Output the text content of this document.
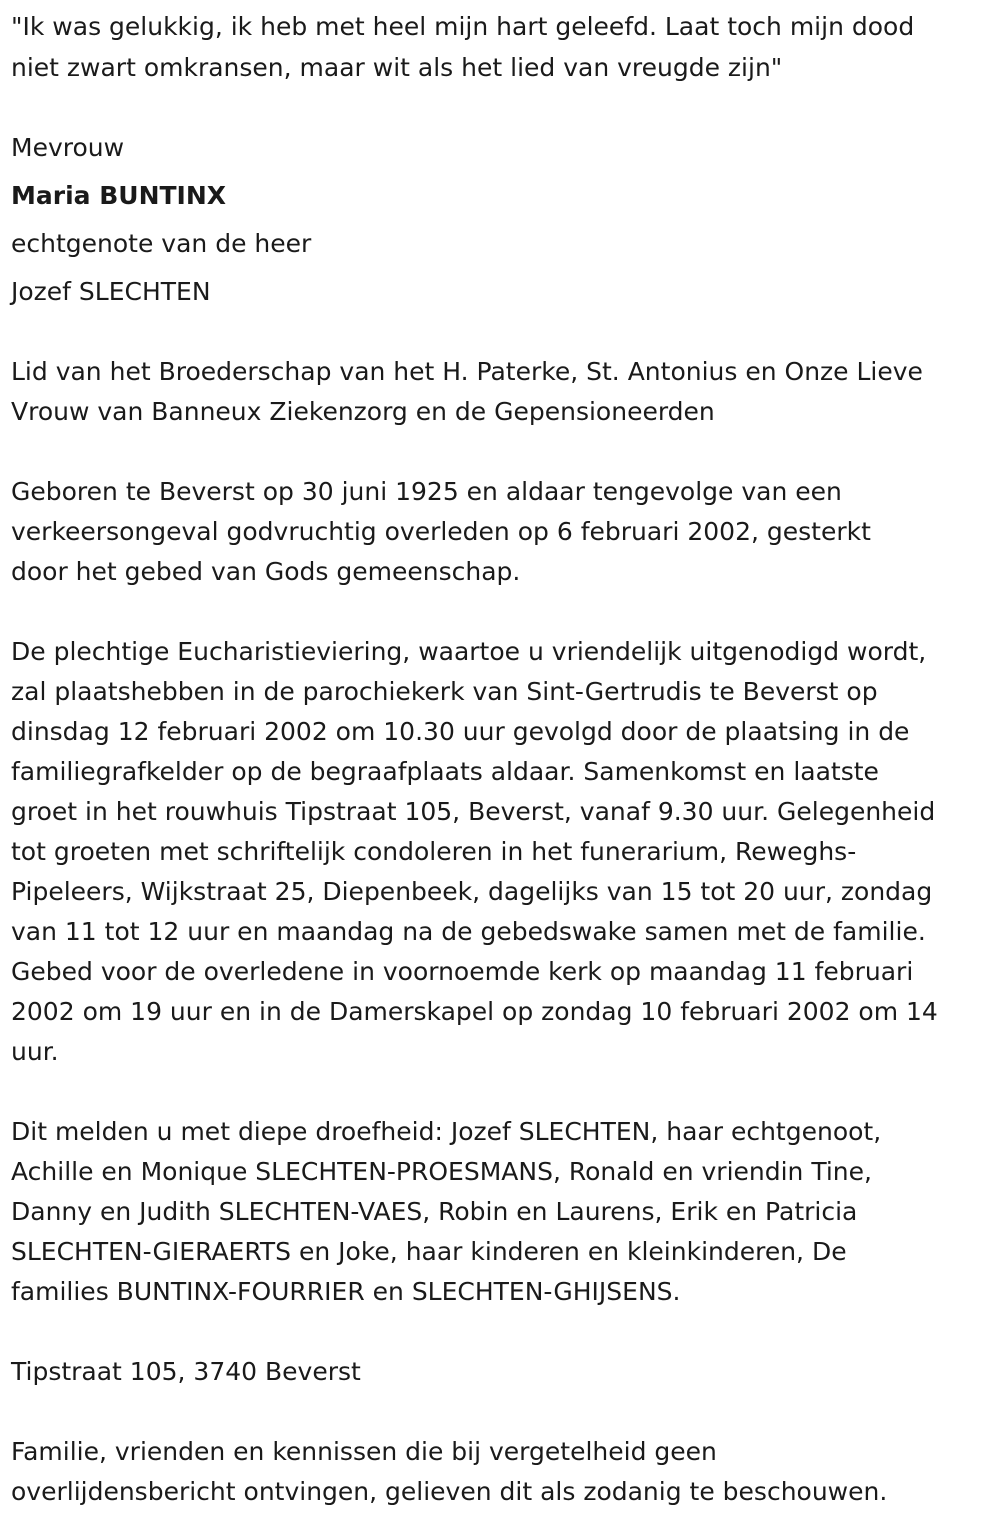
"Ik was gelukkig, ik heb met heel mijn hart geleefd. Laat toch mijn dood
niet zwart omkransen, maar wit als het lied van vreugde zijn"

Mevrouw

Maria BUNTINX

echtgenote van de heer

Jozef SLECHTEN

Lid van het Broederschap van het H. Paterke, St. Antonius en Onze Lieve
Vrouw van Banneux Ziekenzorg en de Gepensioneerden

Geboren te Beverst op 30 juni 1925 en aldaar tengevolge van een
verkeersongeval godvruchtig overleden op 6 februari 2002, gesterkt
door het gebed van Gods gemeenschap.

De plechtige Eucharistieviering, waartoe u vriendelijk uitgenodigd wordt,
zal plaatshebben in de parochiekerk van Sint-Gertrudis te Beverst op
dinsdag 12 februari 2002 om 10.30 uur gevolgd door de plaatsing in de
familiegrafkelder op de begraafplaats aldaar. Samenkomst en laatste
groet in het rouwhuis Tipstraat 105, Beverst, vanaf 9.30 uur. Gelegenheid
tot groeten met schriftelijk condoleren in het funerarium, Reweghs-
Pipeleers, Wijkstraat 25, Diepenbeek, dagelijks van 15 tot 20 uur, zondag
van 11 tot 12 uur en maandag na de gebedswake samen met de familie.
Gebed voor de overledene in voornoemde kerk op maandag 11 februari
2002 om 19 uur en in de Damerskapel op zondag 10 februari 2002 om 14
uur.

Dit melden u met diepe droefheid: Jozef SLECHTEN, haar echtgenoot,
Achille en Monique SLECHTEN-PROESMANS, Ronald en vriendin Tine,
Danny en Judith SLECHTEN-VAES, Robin en Laurens, Erik en Patricia
SLECHTEN-GIERAERTS en Joke, haar kinderen en kleinkinderen, De
families BUNTINX-FOURRIER en SLECHTEN-GHIJSENS.

Tipstraat 105, 3740 Beverst

Familie, vrienden en kennissen die bij vergetelheid geen
overlijdensbericht ontvingen, gelieven dit als zodanig te beschouwen.
